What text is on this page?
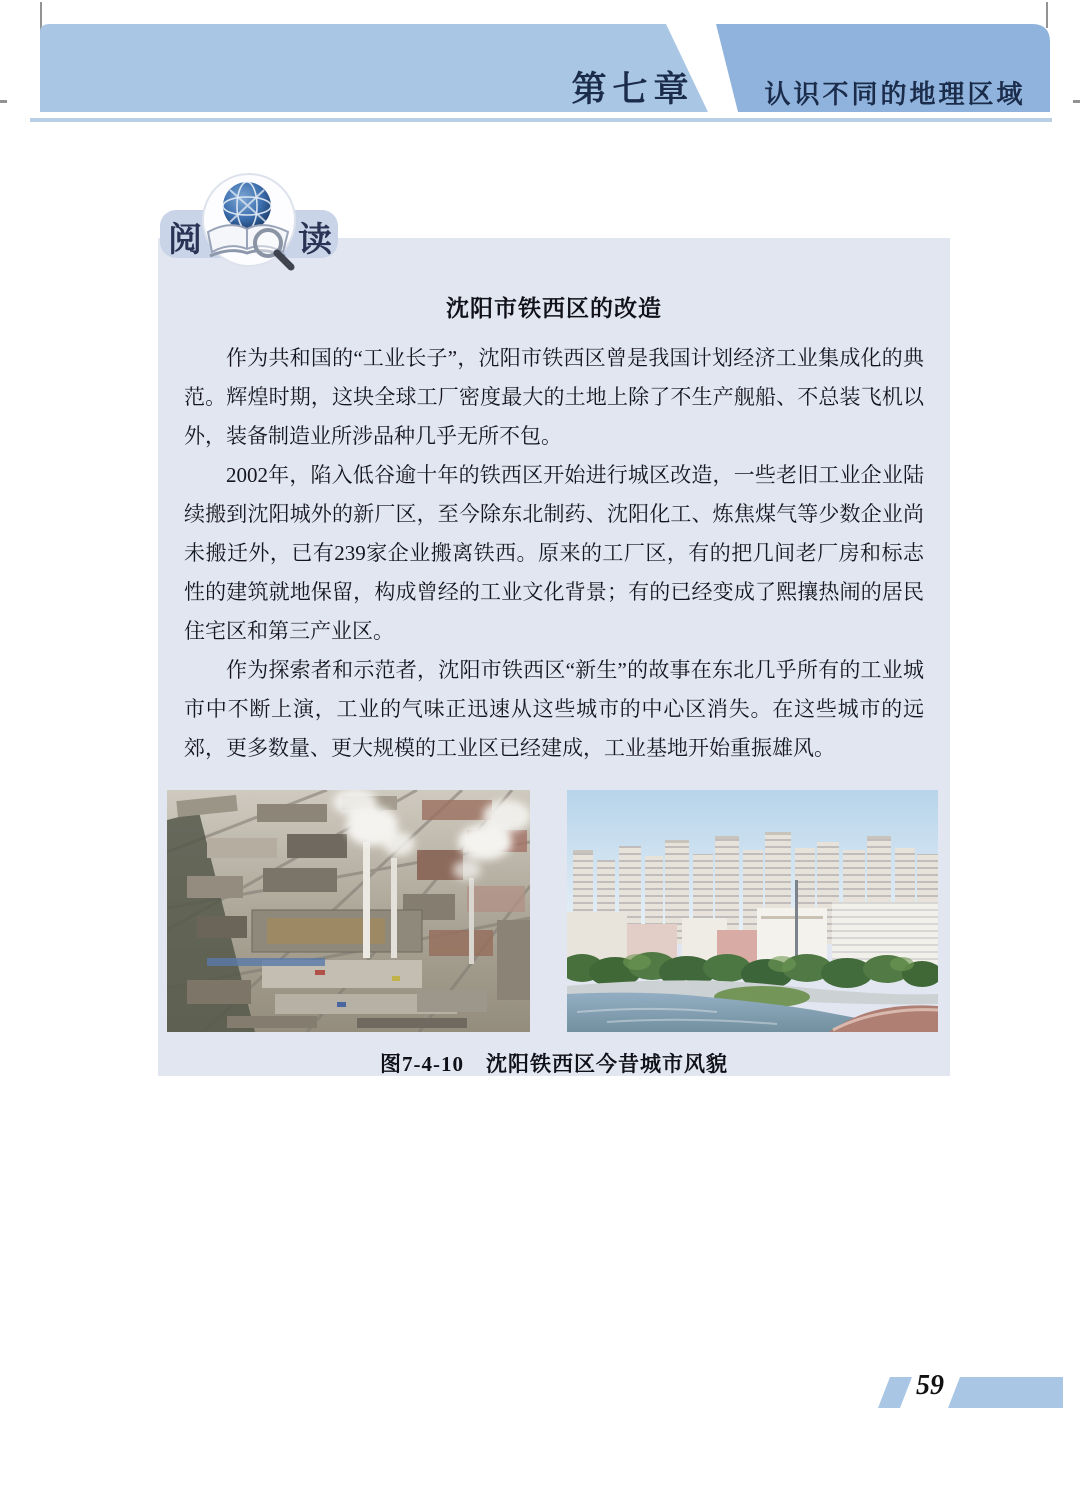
第七章	认识不同的地理区域
阅	读
沈阳市铁西区的改造

作为共和国的“工业长子”，沈阳市铁西区曾是我国计划经济工业集成化的典范。辉煌时期，这块全球工厂密度最大的土地上除了不生产舰船、不总装飞机以外，装备制造业所涉品种几乎无所不包。

2002年，陷入低谷逾十年的铁西区开始进行城区改造，一些老旧工业企业陆续搬到沈阳城外的新厂区，至今除东北制药、沈阳化工、炼焦煤气等少数企业尚未搬迁外，已有239家企业搬离铁西。原来的工厂区，有的把几间老厂房和标志性的建筑就地保留，构成曾经的工业文化背景；有的已经变成了熙攘热闹的居民住宅区和第三产业区。

作为探索者和示范者，沈阳市铁西区“新生”的故事在东北几乎所有的工业城市中不断上演，工业的气味正迅速从这些城市的中心区消失。在这些城市的远郊，更多数量、更大规模的工业区已经建成，工业基地开始重振雄风。

图7-4-10　沈阳铁西区今昔城市风貌
59
